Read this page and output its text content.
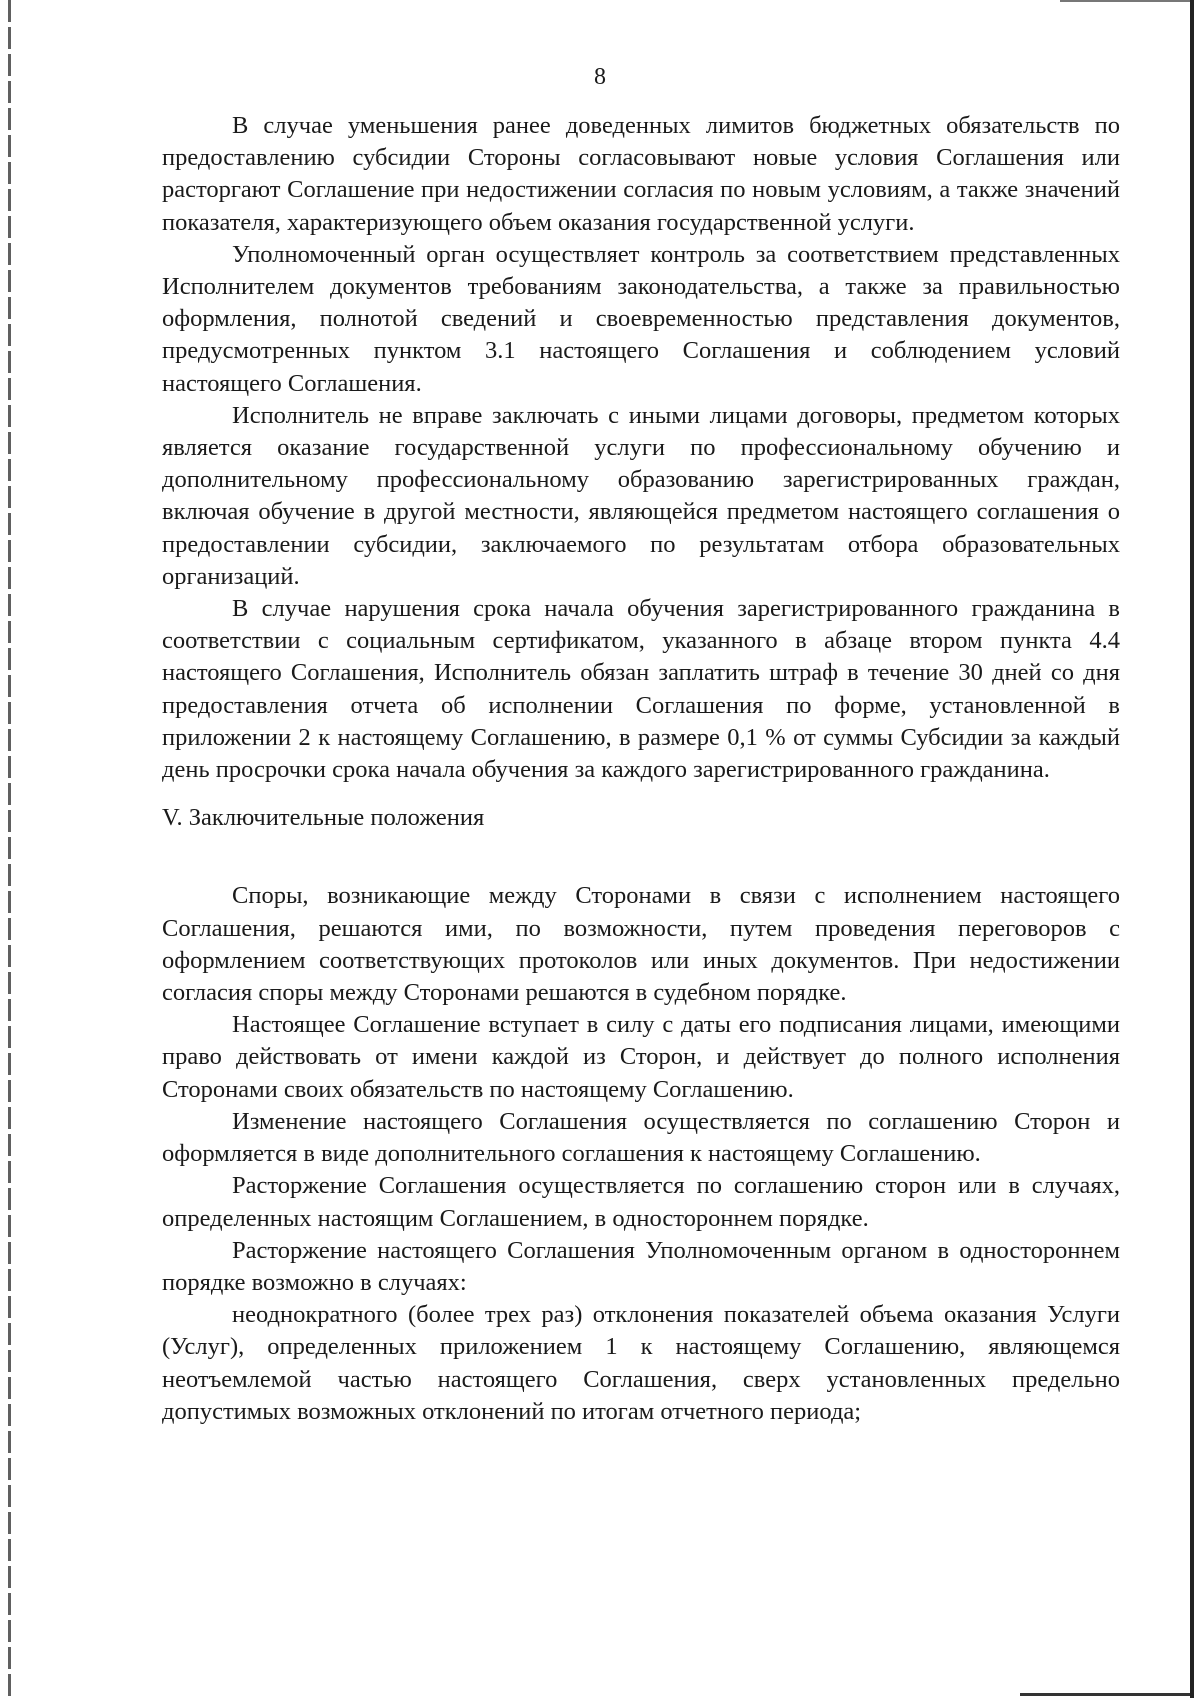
8

В случае уменьшения ранее доведенных лимитов бюджетных обязательств по предоставлению субсидии Стороны согласовывают новые условия Соглашения или расторгают Соглашение при недостижении согласия по новым условиям, а также значений показателя, характеризующего объем оказания государственной услуги.

Уполномоченный орган осуществляет контроль за соответствием представленных Исполнителем документов требованиям законодательства, а также за правильностью оформления, полнотой сведений и своевременностью представления документов, предусмотренных пунктом 3.1 настоящего Соглашения и соблюдением условий настоящего Соглашения.

Исполнитель не вправе заключать с иными лицами договоры, предметом которых является оказание государственной услуги по профессиональному обучению и дополнительному профессиональному образованию зарегистрированных граждан, включая обучение в другой местности, являющейся предметом настоящего соглашения о предоставлении субсидии, заключаемого по результатам отбора образовательных организаций.

В случае нарушения срока начала обучения зарегистрированного гражданина в соответствии с социальным сертификатом, указанного в абзаце втором пункта 4.4 настоящего Соглашения, Исполнитель обязан заплатить штраф в течение 30 дней со дня предоставления отчета об исполнении Соглашения по форме, установленной в приложении 2 к настоящему Соглашению, в размере 0,1 % от суммы Субсидии за каждый день просрочки срока начала обучения за каждого зарегистрированного гражданина.

V. Заключительные положения

Споры, возникающие между Сторонами в связи с исполнением настоящего Соглашения, решаются ими, по возможности, путем проведения переговоров с оформлением соответствующих протоколов или иных документов. При недостижении согласия споры между Сторонами решаются в судебном порядке.

Настоящее Соглашение вступает в силу с даты его подписания лицами, имеющими право действовать от имени каждой из Сторон, и действует до полного исполнения Сторонами своих обязательств по настоящему Соглашению.

Изменение настоящего Соглашения осуществляется по соглашению Сторон и оформляется в виде дополнительного соглашения к настоящему Соглашению.

Расторжение Соглашения осуществляется по соглашению сторон или в случаях, определенных настоящим Соглашением, в одностороннем порядке.

Расторжение настоящего Соглашения Уполномоченным органом в одностороннем порядке возможно в случаях:

неоднократного (более трех раз) отклонения показателей объема оказания Услуги (Услуг), определенных приложением 1 к настоящему Соглашению, являющемся неотъемлемой частью настоящего Соглашения, сверх установленных предельно допустимых возможных отклонений по итогам отчетного периода;
